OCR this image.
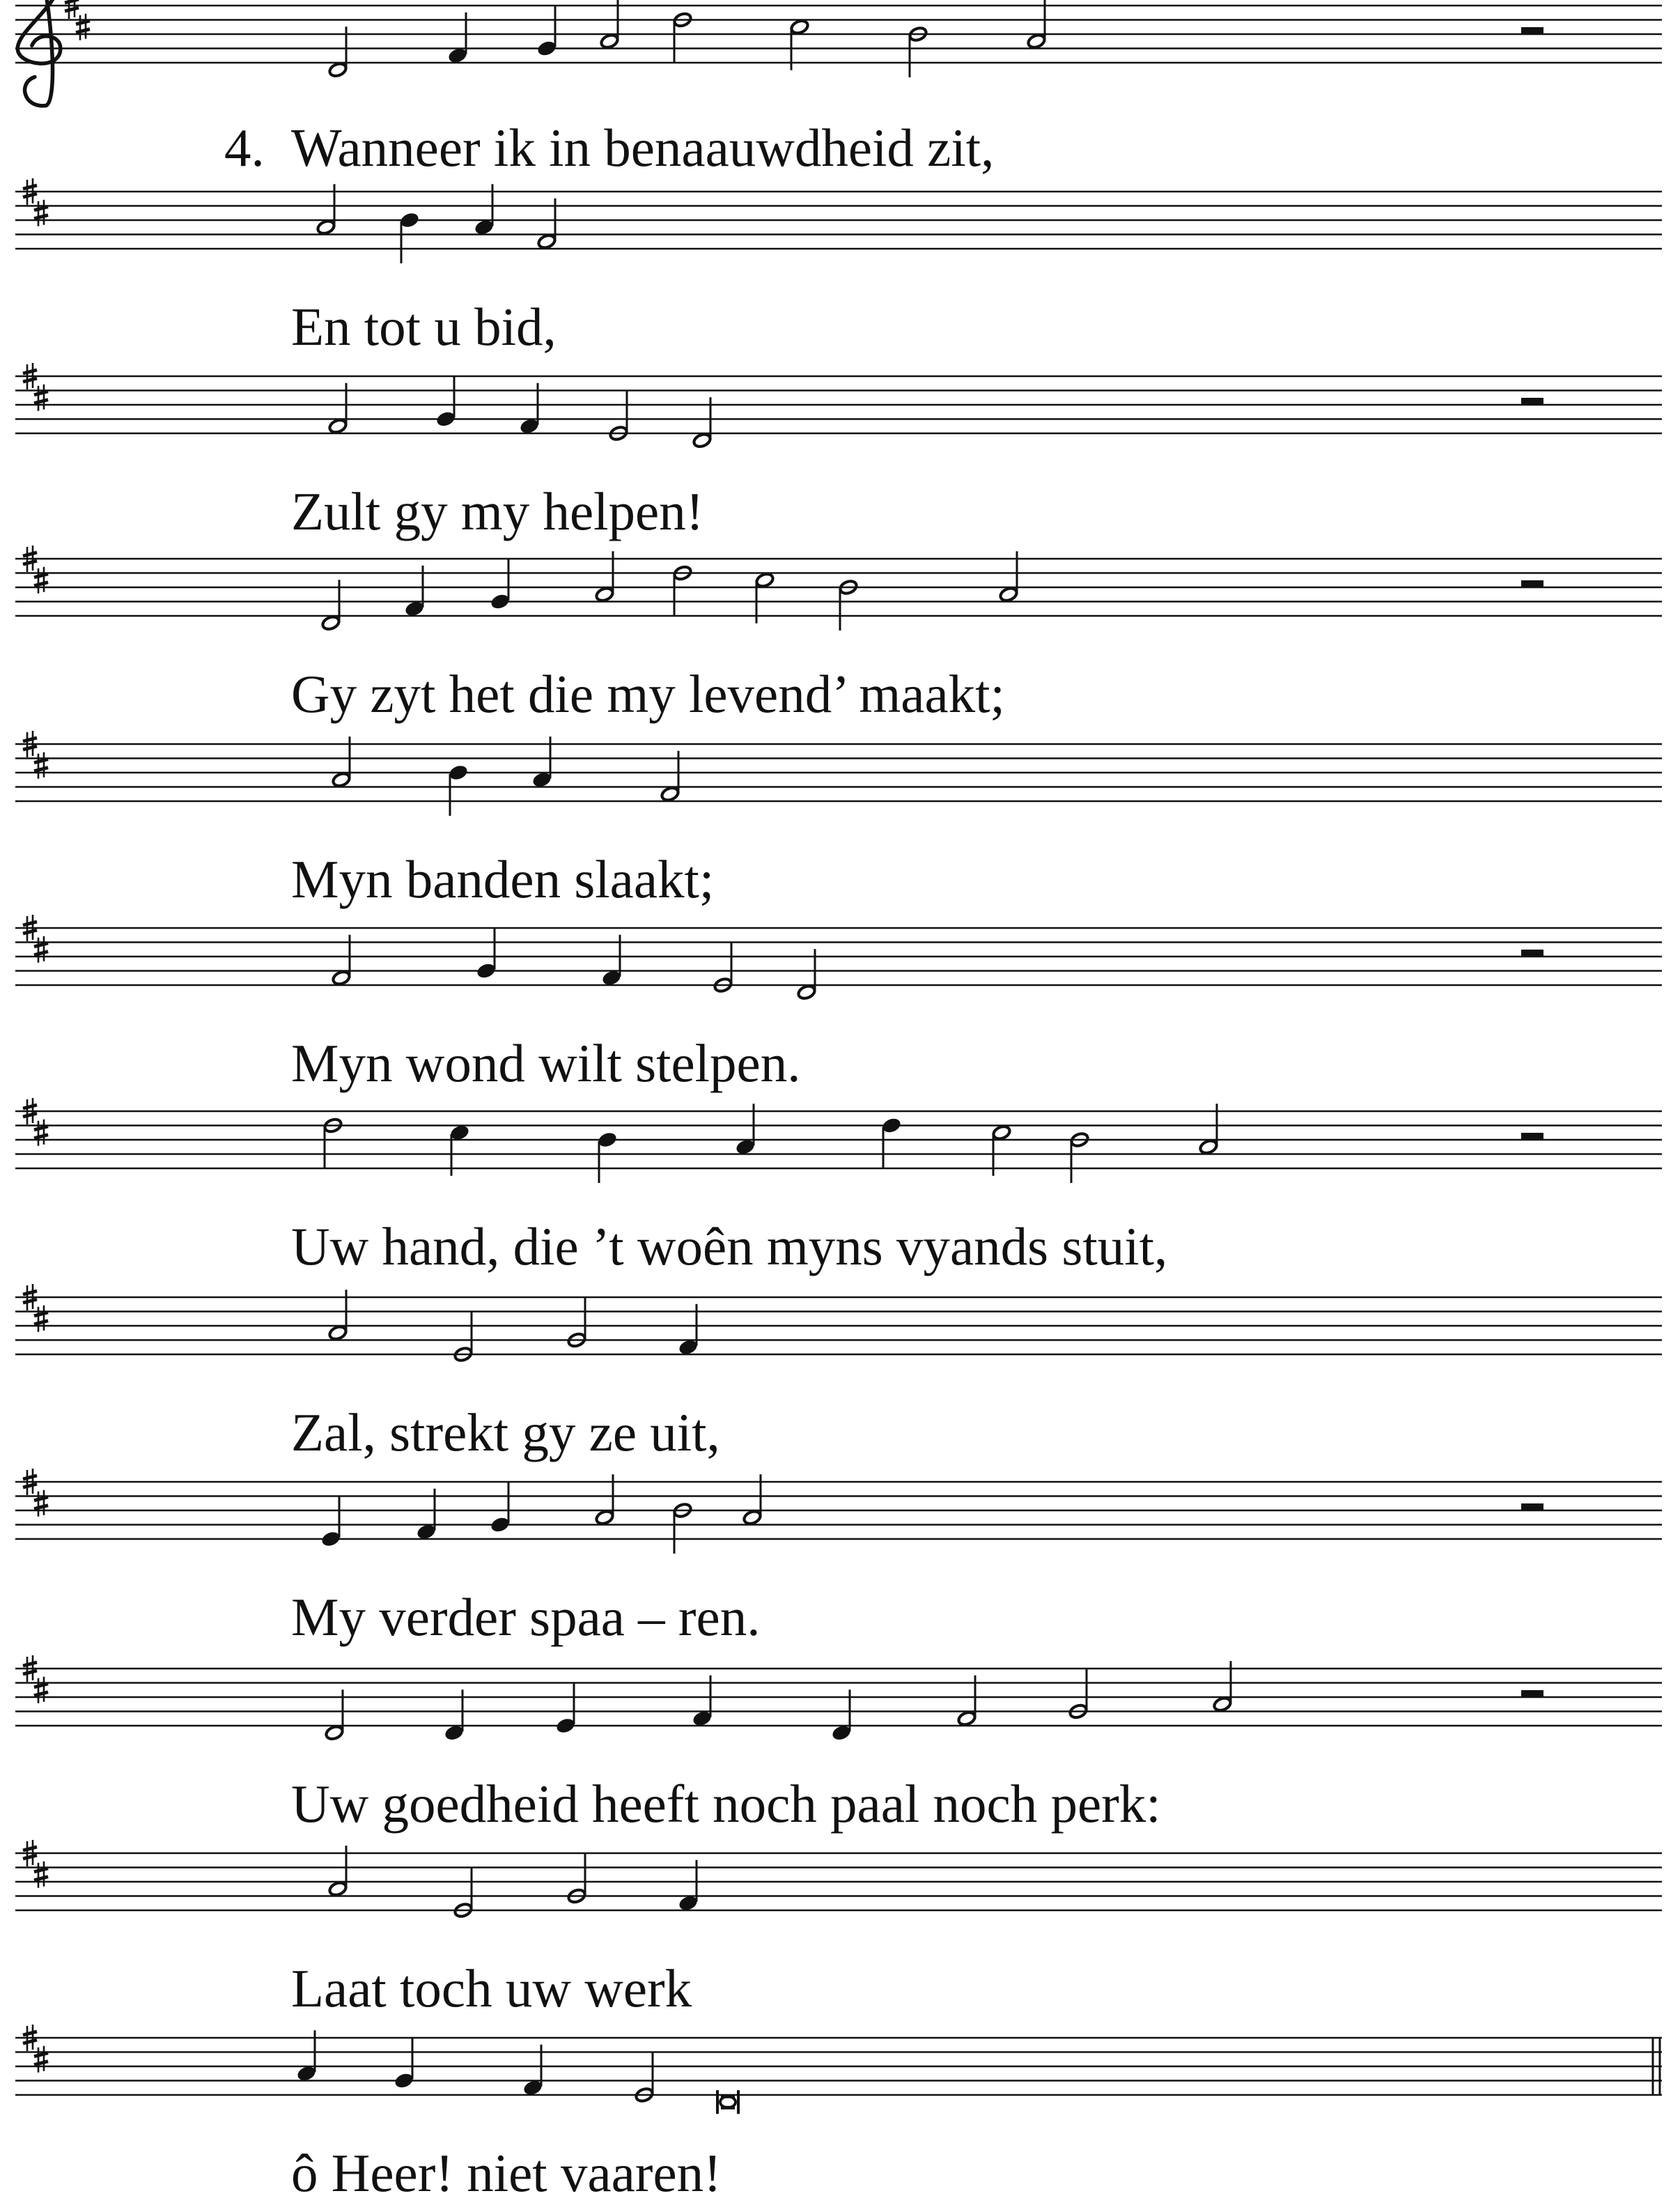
4. Wanneer ik in benaauwdheid zit,
En tot u bid,
Zult gy my helpen!
Gy zyt het die my levend’ maakt;
Myn banden slaakt;
Myn wond wilt stelpen.
Uw hand, die ’t woên myns vyands stuit,
Zal, strekt gy ze uit,
My verder spaa – ren.
Uw goedheid heeft noch paal noch perk:
Laat toch uw werk
ô Heer! niet vaaren!
